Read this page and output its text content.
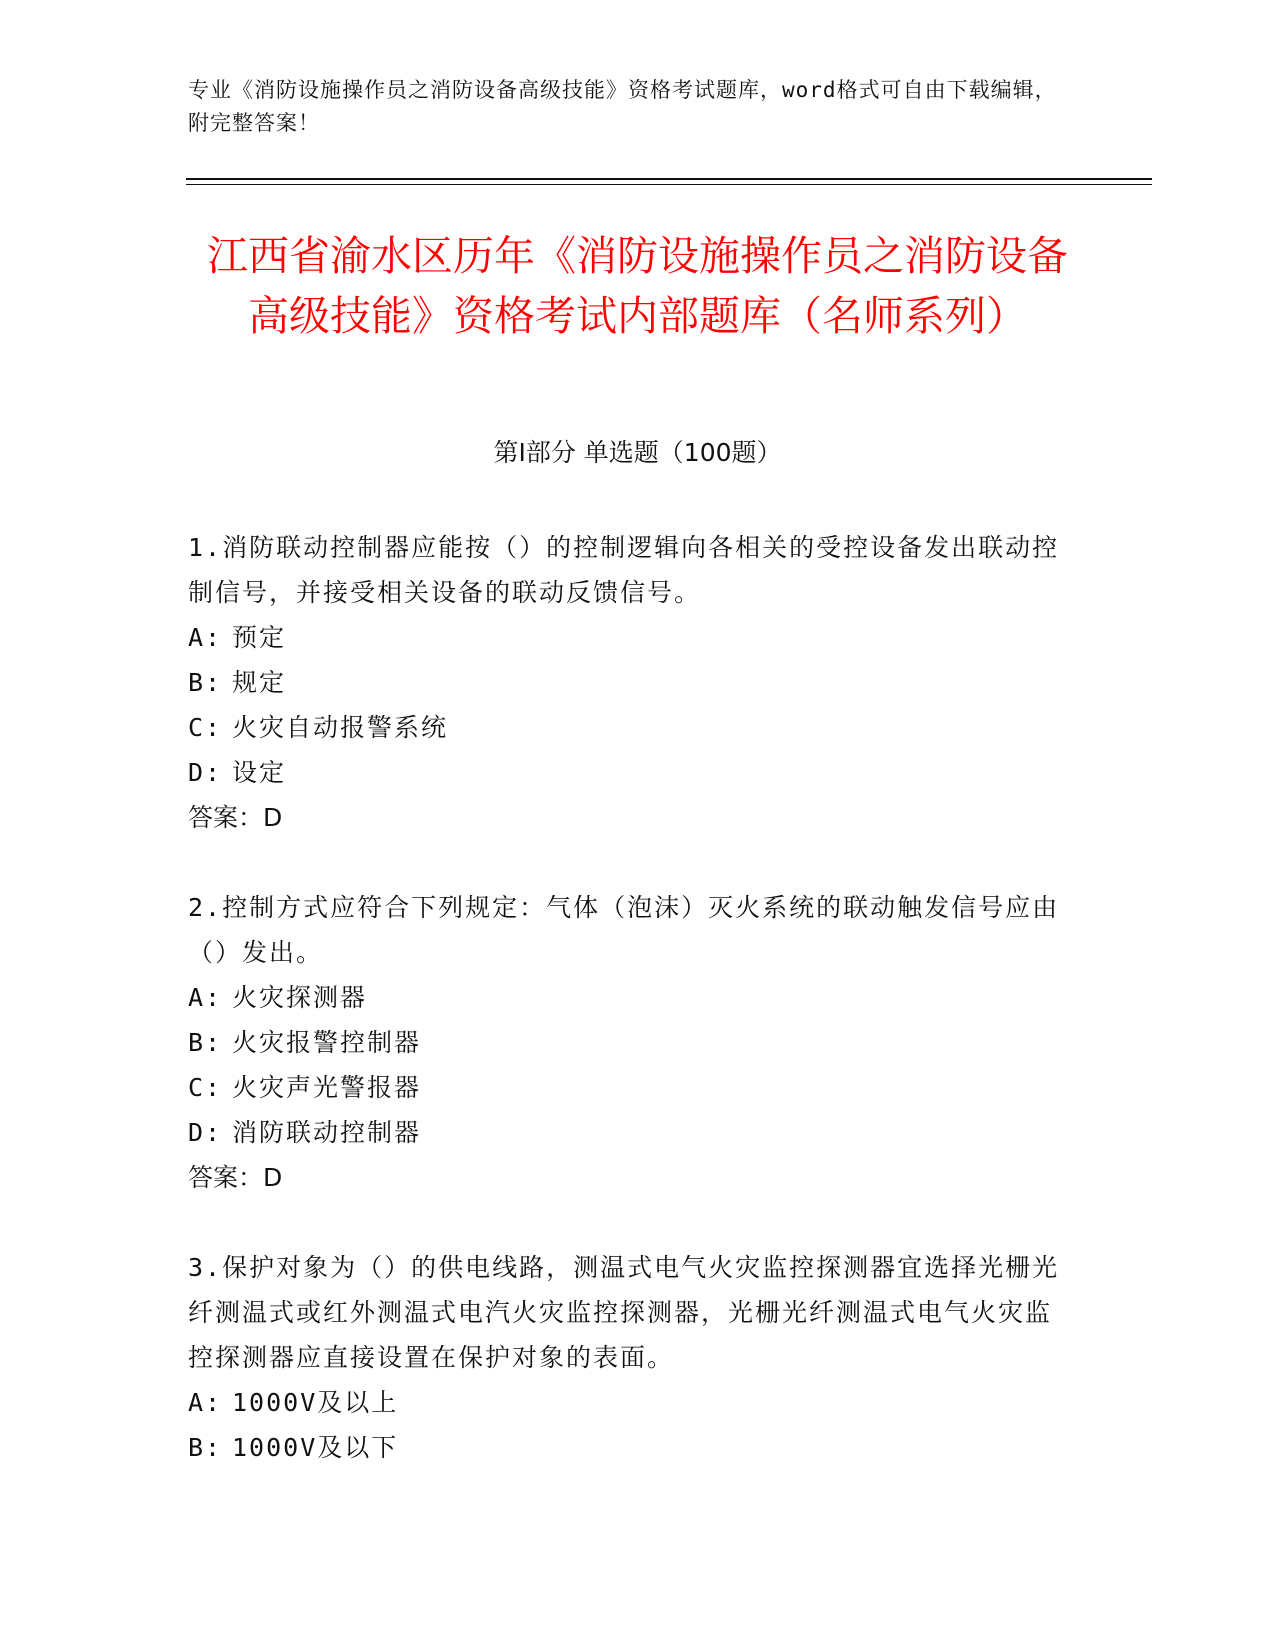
专业《消防设施操作员之消防设备高级技能》资格考试题库，word格式可自由下载编辑，附完整答案！
江西省渝水区历年《消防设施操作员之消防设备高级技能》资格考试内部题库（名师系列）
第Ⅰ部分 单选题（100题）
1.消防联动控制器应能按（）的控制逻辑向各相关的受控设备发出联动控制信号，并接受相关设备的联动反馈信号。
A: 预定
B: 规定
C: 火灾自动报警系统
D: 设定
答案：D
2.控制方式应符合下列规定：气体（泡沫）灭火系统的联动触发信号应由（）发出。
A: 火灾探测器
B: 火灾报警控制器
C: 火灾声光警报器
D: 消防联动控制器
答案：D
3.保护对象为（）的供电线路，测温式电气火灾监控探测器宜选择光栅光纤测温式或红外测温式电汽火灾监控探测器，光栅光纤测温式电气火灾监控探测器应直接设置在保护对象的表面。
A: 1000V及以上
B: 1000V及以下
